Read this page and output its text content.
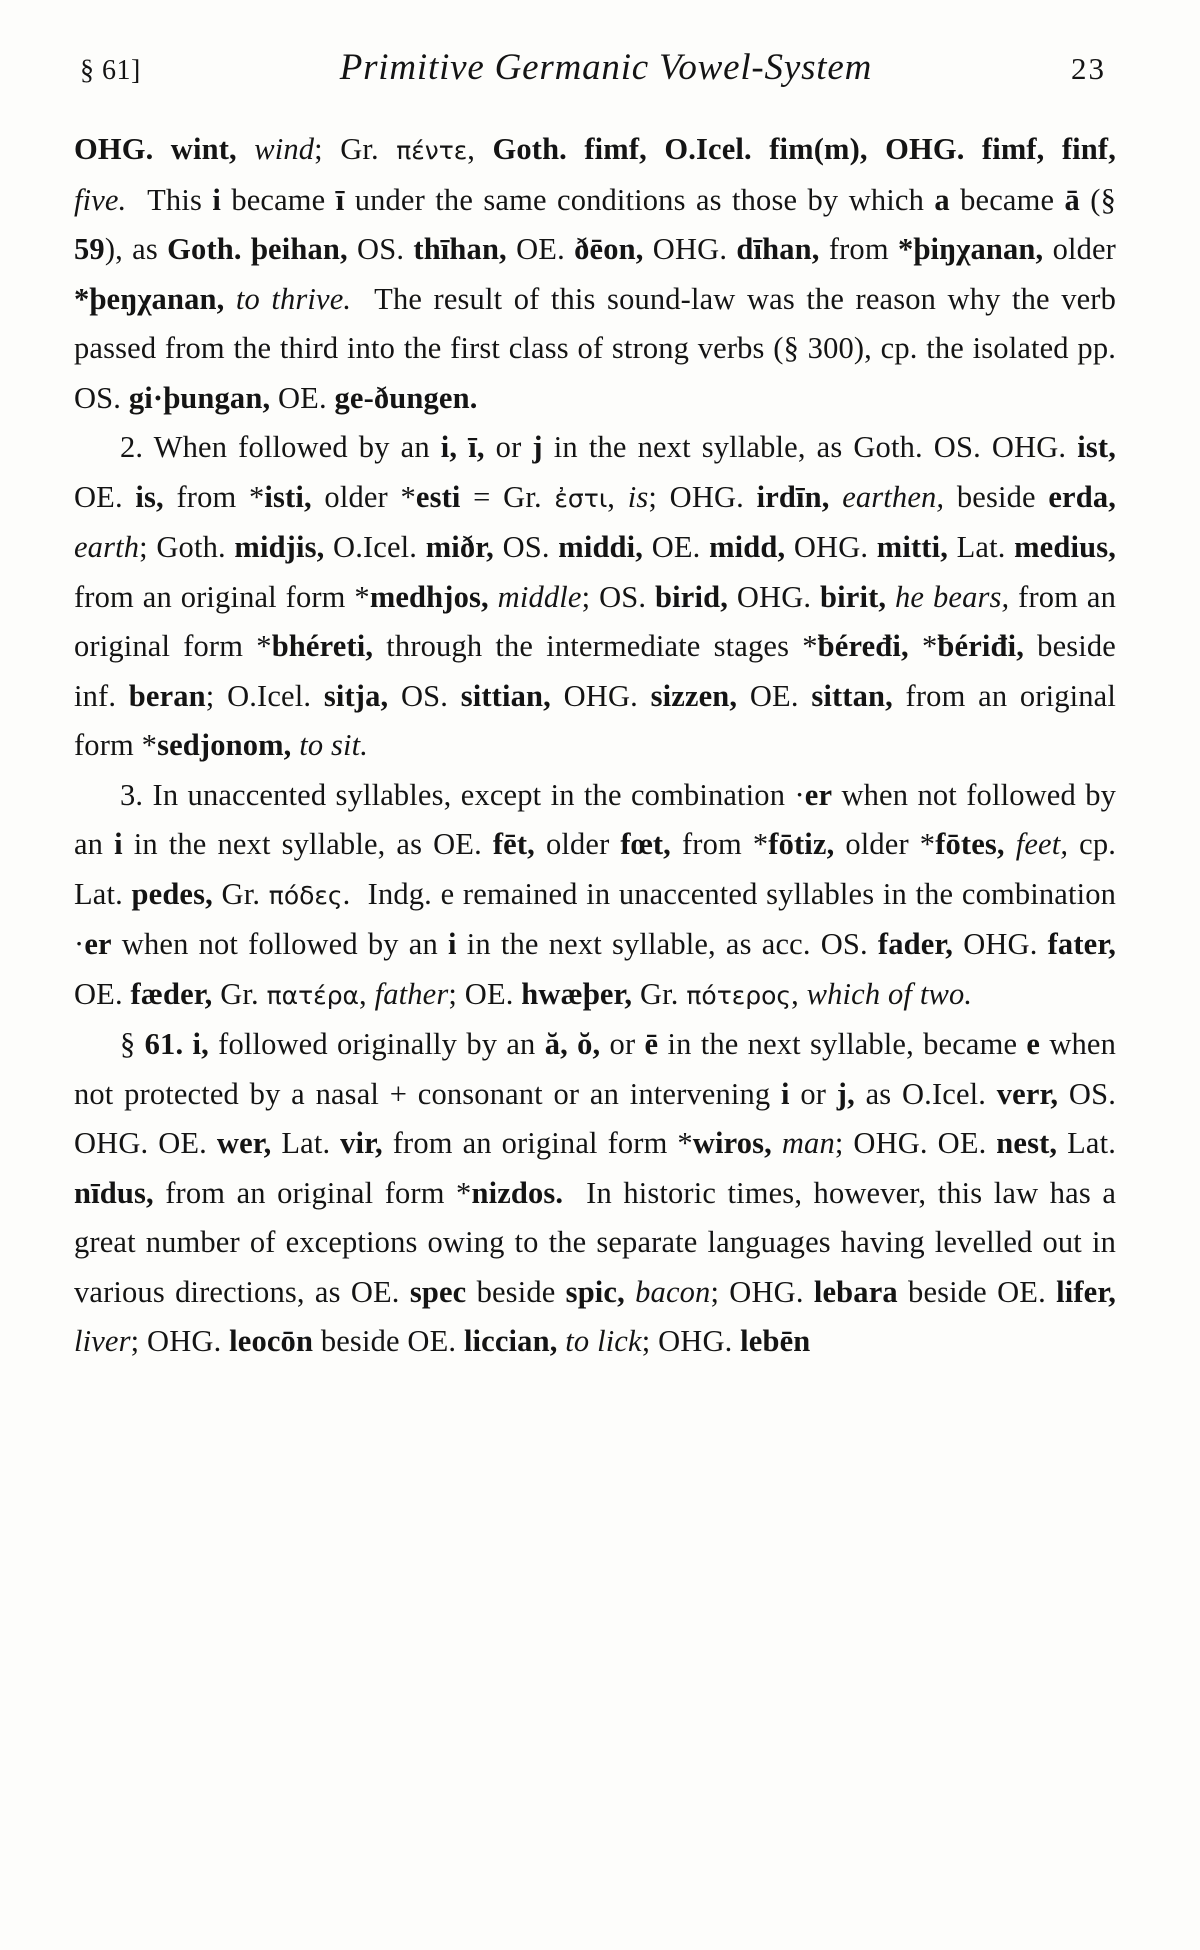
§ 61]	Primitive Germanic Vowel-System	23

OHG. wint, wind; Gr. πέντε, Goth. fimf, O.Icel. fim(m), OHG. fimf, finf, five.  This i became ī under the same conditions as those by which a became ā (§ 59), as Goth. þeihan, OS. thīhan, OE. ðēon, OHG. dīhan, from *þiŋχanan, older *þeŋχanan, to thrive.  The result of this sound-law was the reason why the verb passed from the third into the first class of strong verbs (§ 300), cp. the isolated pp. OS. gi·þungan, OE. ge-ðungen.

2. When followed by an i, ī, or j in the next syllable, as Goth. OS. OHG. ist, OE. is, from *isti, older *esti = Gr. ἐστι, is; OHG. irdīn, earthen, beside erda, earth; Goth. midjis, O.Icel. miðr, OS. middi, OE. midd, OHG. mitti, Lat. medius, from an original form *medhjos, middle; OS. birid, OHG. birit, he bears, from an original form *bhéreti, through the intermediate stages *ƀéređi, *ƀériđi, beside inf. beran; O.Icel. sitja, OS. sittian, OHG. sizzen, OE. sittan, from an original form *sedjonom, to sit.

3. In unaccented syllables, except in the combination ·er when not followed by an i in the next syllable, as OE. fēt, older fœt, from *fōtiz, older *fōtes, feet, cp. Lat. pedes, Gr. πόδες.  Indg. e remained in unaccented syllables in the combination ·er when not followed by an i in the next syllable, as acc. OS. fader, OHG. fater, OE. fæder, Gr. πατέρα, father; OE. hwæþer, Gr. πότερος, which of two.

§ 61. i, followed originally by an ă, ŏ, or ē in the next syllable, became e when not protected by a nasal + consonant or an intervening i or j, as O.Icel. verr, OS. OHG. OE. wer, Lat. vir, from an original form *wiros, man; OHG. OE. nest, Lat. nīdus, from an original form *nizdos.  In historic times, however, this law has a great number of exceptions owing to the separate languages having levelled out in various directions, as OE. spec beside spic, bacon; OHG. lebara beside OE. lifer, liver; OHG. leocōn beside OE. liccian, to lick; OHG. lebēn
